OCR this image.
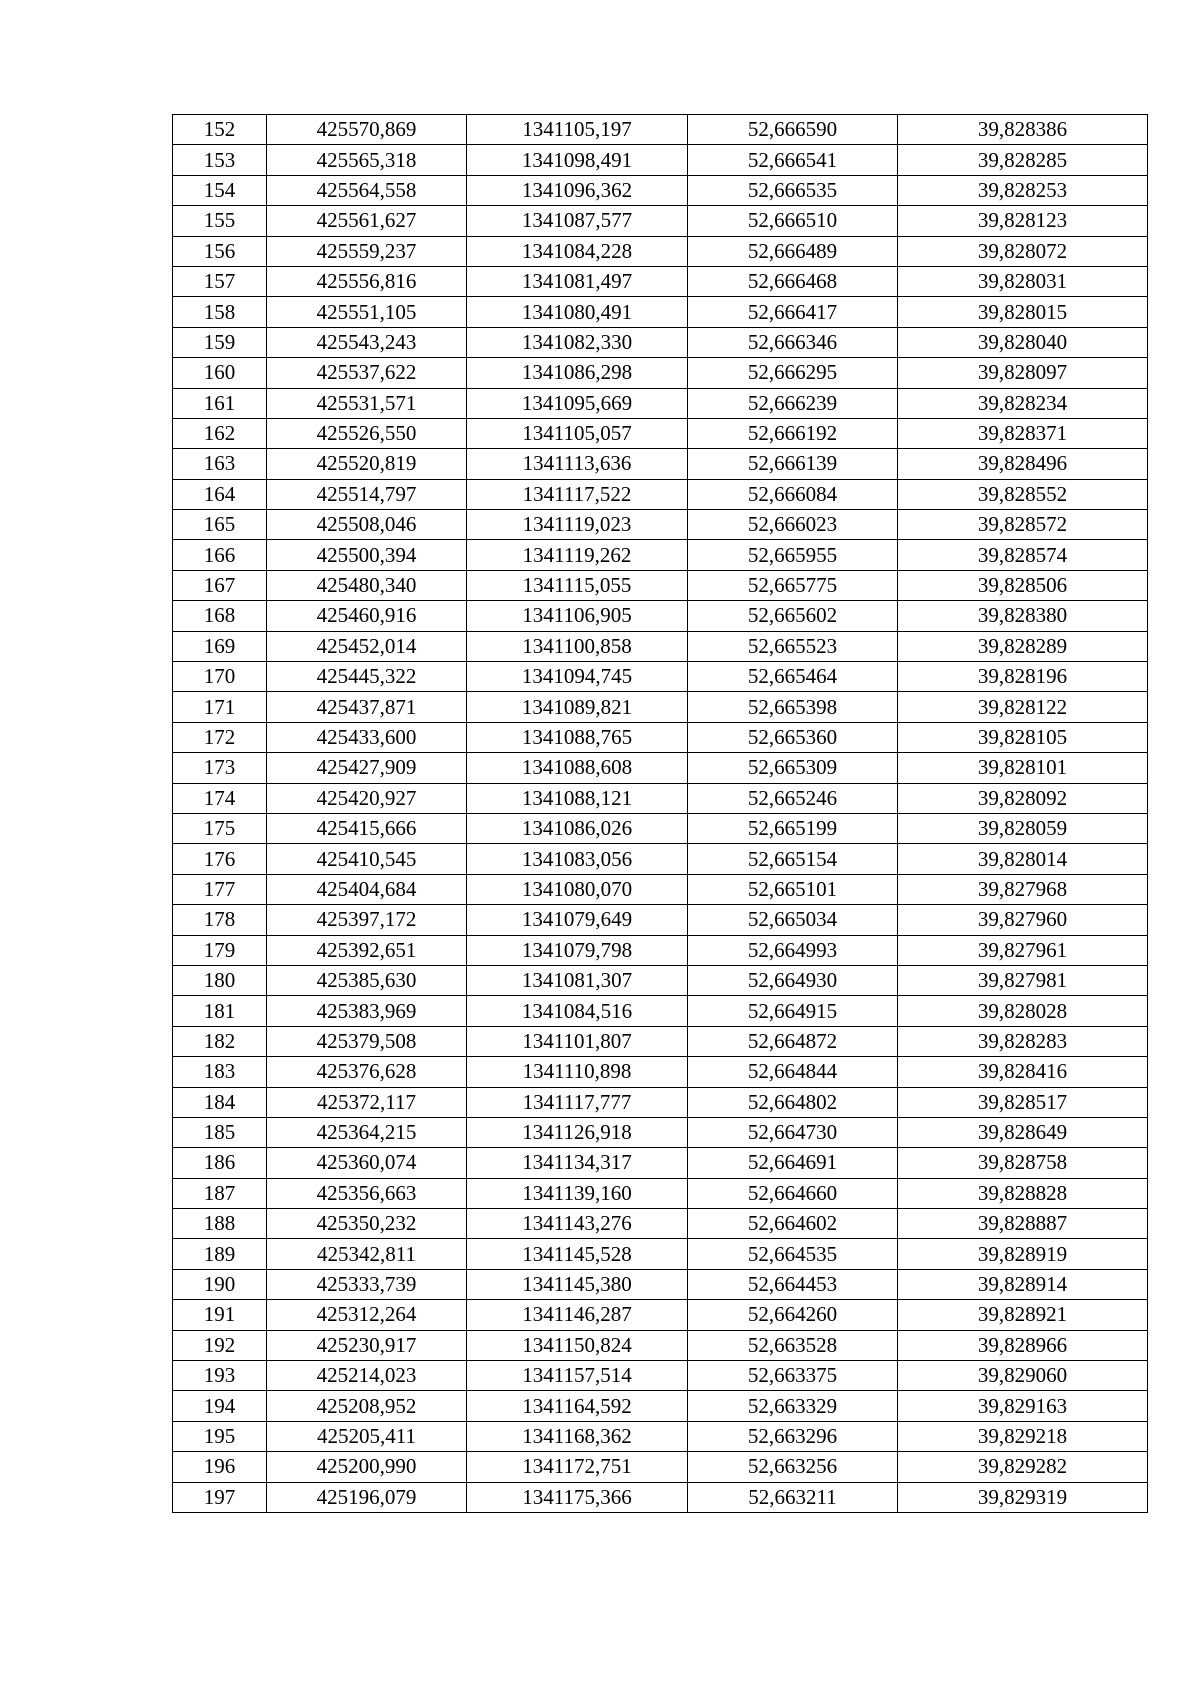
152	425570,869	1341105,197	52,666590	39,828386
153	425565,318	1341098,491	52,666541	39,828285
154	425564,558	1341096,362	52,666535	39,828253
155	425561,627	1341087,577	52,666510	39,828123
156	425559,237	1341084,228	52,666489	39,828072
157	425556,816	1341081,497	52,666468	39,828031
158	425551,105	1341080,491	52,666417	39,828015
159	425543,243	1341082,330	52,666346	39,828040
160	425537,622	1341086,298	52,666295	39,828097
161	425531,571	1341095,669	52,666239	39,828234
162	425526,550	1341105,057	52,666192	39,828371
163	425520,819	1341113,636	52,666139	39,828496
164	425514,797	1341117,522	52,666084	39,828552
165	425508,046	1341119,023	52,666023	39,828572
166	425500,394	1341119,262	52,665955	39,828574
167	425480,340	1341115,055	52,665775	39,828506
168	425460,916	1341106,905	52,665602	39,828380
169	425452,014	1341100,858	52,665523	39,828289
170	425445,322	1341094,745	52,665464	39,828196
171	425437,871	1341089,821	52,665398	39,828122
172	425433,600	1341088,765	52,665360	39,828105
173	425427,909	1341088,608	52,665309	39,828101
174	425420,927	1341088,121	52,665246	39,828092
175	425415,666	1341086,026	52,665199	39,828059
176	425410,545	1341083,056	52,665154	39,828014
177	425404,684	1341080,070	52,665101	39,827968
178	425397,172	1341079,649	52,665034	39,827960
179	425392,651	1341079,798	52,664993	39,827961
180	425385,630	1341081,307	52,664930	39,827981
181	425383,969	1341084,516	52,664915	39,828028
182	425379,508	1341101,807	52,664872	39,828283
183	425376,628	1341110,898	52,664844	39,828416
184	425372,117	1341117,777	52,664802	39,828517
185	425364,215	1341126,918	52,664730	39,828649
186	425360,074	1341134,317	52,664691	39,828758
187	425356,663	1341139,160	52,664660	39,828828
188	425350,232	1341143,276	52,664602	39,828887
189	425342,811	1341145,528	52,664535	39,828919
190	425333,739	1341145,380	52,664453	39,828914
191	425312,264	1341146,287	52,664260	39,828921
192	425230,917	1341150,824	52,663528	39,828966
193	425214,023	1341157,514	52,663375	39,829060
194	425208,952	1341164,592	52,663329	39,829163
195	425205,411	1341168,362	52,663296	39,829218
196	425200,990	1341172,751	52,663256	39,829282
197	425196,079	1341175,366	52,663211	39,829319
